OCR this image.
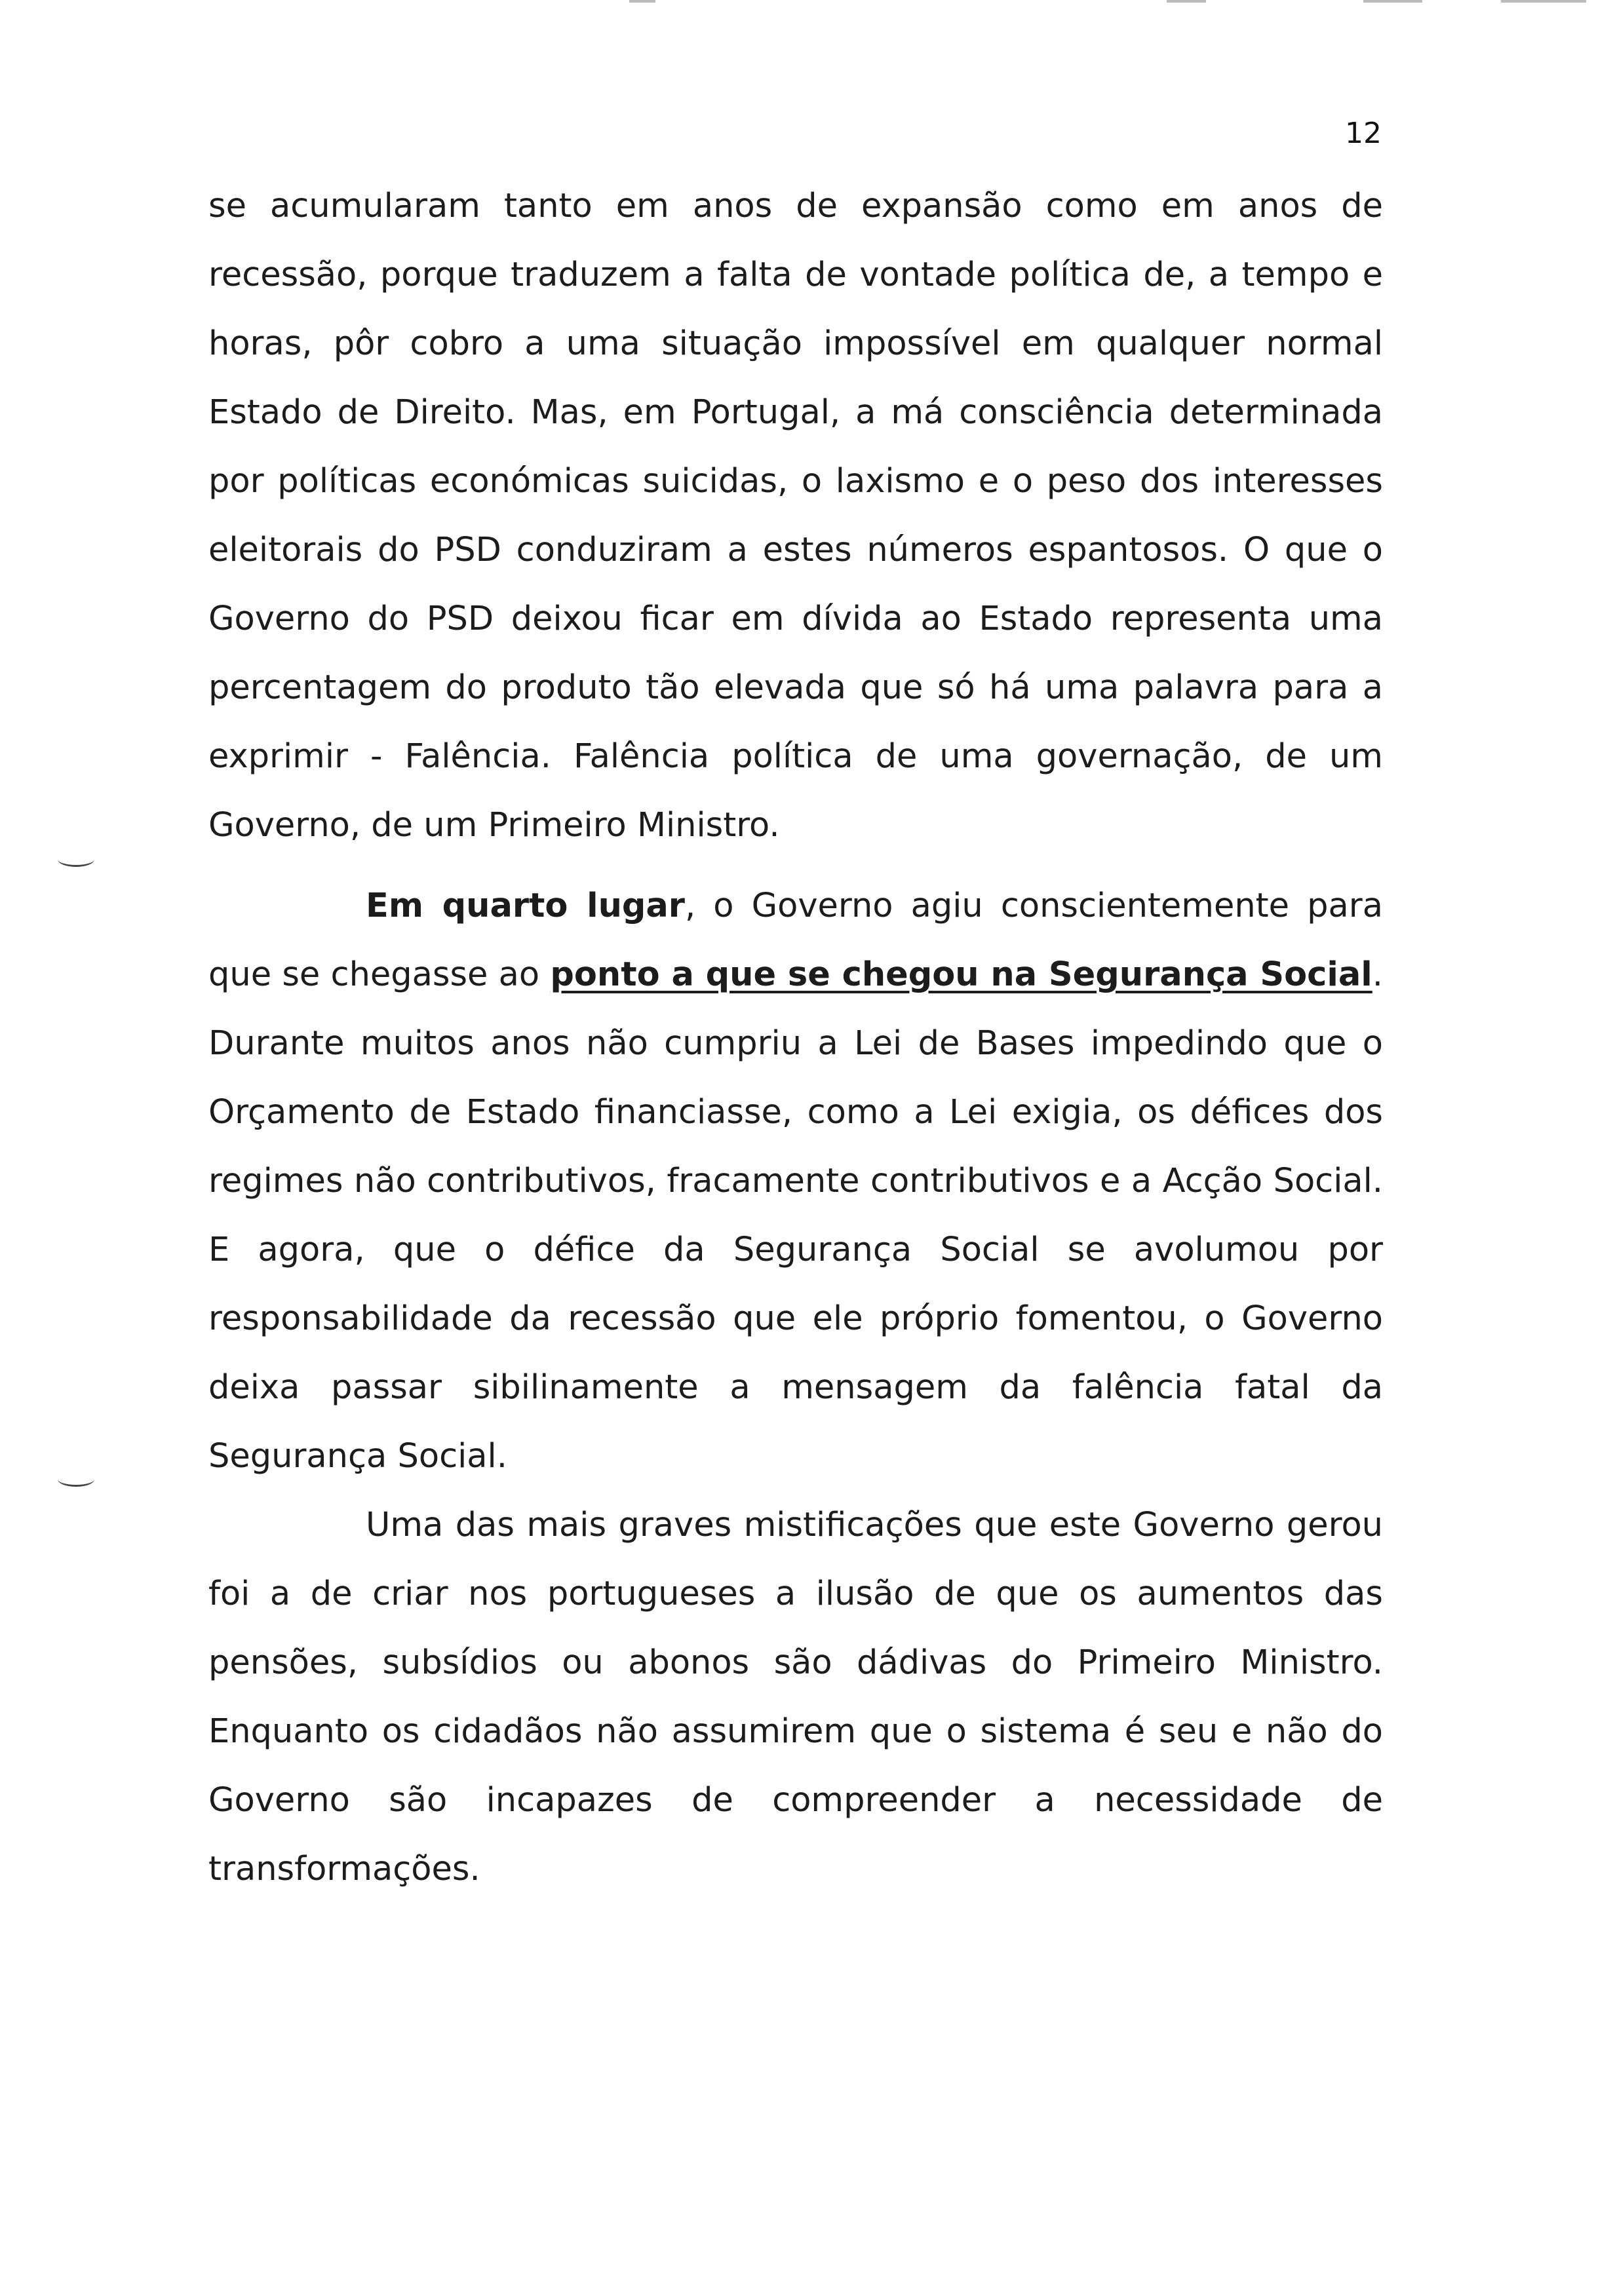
12

se acumularam tanto em anos de expansão como em anos de recessão, porque traduzem a falta de vontade política de, a tempo e horas, pôr cobro a uma situação impossível em qualquer normal Estado de Direito. Mas, em Portugal, a má consciência determinada por políticas económicas suicidas, o laxismo e o peso dos interesses eleitorais do PSD conduziram a estes números espantosos. O que o Governo do PSD deixou ficar em dívida ao Estado representa uma percentagem do produto tão elevada que só há uma palavra para a exprimir - Falência. Falência política de uma governação, de um Governo, de um Primeiro Ministro.

Em quarto lugar, o Governo agiu conscientemente para que se chegasse ao ponto a que se chegou na Segurança Social. Durante muitos anos não cumpriu a Lei de Bases impedindo que o Orçamento de Estado financiasse, como a Lei exigia, os défices dos regimes não contributivos, fracamente contributivos e a Acção Social. E agora, que o défice da Segurança Social se avolumou por responsabilidade da recessão que ele próprio fomentou, o Governo deixa passar sibilinamente a mensagem da falência fatal da Segurança Social.

Uma das mais graves mistificações que este Governo gerou foi a de criar nos portugueses a ilusão de que os aumentos das pensões, subsídios ou abonos são dádivas do Primeiro Ministro. Enquanto os cidadãos não assumirem que o sistema é seu e não do Governo são incapazes de compreender a necessidade de transformações.
